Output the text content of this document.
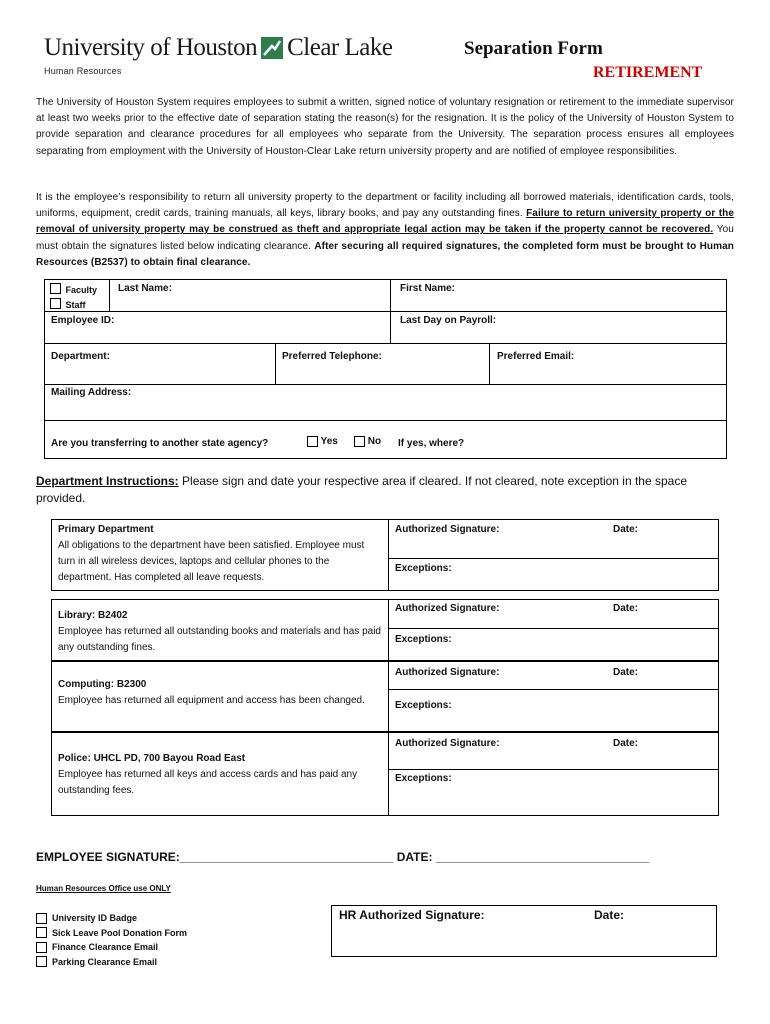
University of Houston Clear Lake
Human Resources
Separation Form
RETIREMENT
The University of Houston System requires employees to submit a written, signed notice of voluntary resignation or retirement to the immediate supervisor at least two weeks prior to the effective date of separation stating the reason(s) for the resignation. It is the policy of the University of Houston System to provide separation and clearance procedures for all employees who separate from the University. The separation process ensures all employees separating from employment with the University of Houston-Clear Lake return university property and are notified of employee responsibilities.
It is the employee’s responsibility to return all university property to the department or facility including all borrowed materials, identification cards, tools, uniforms, equipment, credit cards, training manuals, all keys, library books, and pay any outstanding fines. Failure to return university property or the removal of university property may be construed as theft and appropriate legal action may be taken if the property cannot be recovered. You must obtain the signatures listed below indicating clearance. After securing all required signatures, the completed form must be brought to Human Resources (B2537) to obtain final clearance.
Faculty
Staff
Last Name:	First Name:
Employee ID:	Last Day on Payroll:
Department:	Preferred Telephone:	Preferred Email:
Mailing Address:
Are you transferring to another state agency?	Yes	No If yes, where?
Department Instructions: Please sign and date your respective area if cleared. If not cleared, note exception in the space provided.
Primary Department
All obligations to the department have been satisfied. Employee must turn in all wireless devices, laptops and cellular phones to the department. Has completed all leave requests.
Authorized Signature:	Date:
Exceptions:
Library: B2402
Employee has returned all outstanding books and materials and has paid any outstanding fines.
Authorized Signature:	Date:
Exceptions:
Computing: B2300
Employee has returned all equipment and access has been changed.
Authorized Signature:	Date:
Exceptions:
Police: UHCL PD, 700 Bayou Road East
Employee has returned all keys and access cards and has paid any outstanding fees.
Authorized Signature:	Date:
Exceptions:
EMPLOYEE SIGNATURE:________________________________ DATE: ________________________________
Human Resources Office use ONLY
University ID Badge
Sick Leave Pool Donation Form
Finance Clearance Email
Parking Clearance Email
HR Authorized Signature:	Date:
